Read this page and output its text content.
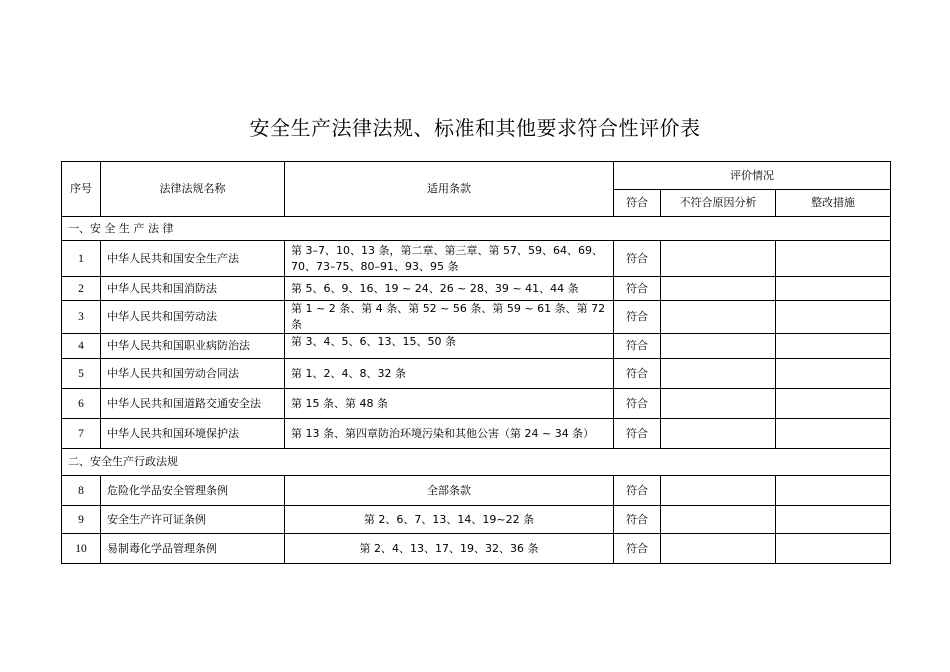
安全生产法律法规、标准和其他要求符合性评价表
序号	法律法规名称	适用条款	评价情况		
			符合	不符合原因分析	整改措施
一、安 全 生 产 法 律					
1	中华人民共和国安全生产法	第 3–7、10、13 条，第二章、第三章、第 57、59、64、69、70、73–75、80–91、93、95 条	符合		
2	中华人民共和国消防法	第 5、6、9、16、19 ~ 24、26 ~ 28、39 ~ 41、44 条	符合		
3	中华人民共和国劳动法	第 1 ~ 2 条、第 4 条、第 52 ~ 56 条、第 59 ~ 61 条、第 72 条	符合		
4	中华人民共和国职业病防治法	第 3、4、5、6、13、15、50 条	符合		
5	中华人民共和国劳动合同法	第 1、2、4、8、32 条	符合		
6	中华人民共和国道路交通安全法	第 15 条、第 48 条	符合		
7	中华人民共和国环境保护法	第 13 条、第四章防治环境污染和其他公害（第 24 ~ 34 条）	符合		
二、安全生产行政法规					
8	危险化学品安全管理条例	全部条款	符合		
9	安全生产许可证条例	第 2、6、7、13、14、19~22 条	符合		
10	易制毒化学品管理条例	第 2、4、13、17、19、32、36 条	符合		
